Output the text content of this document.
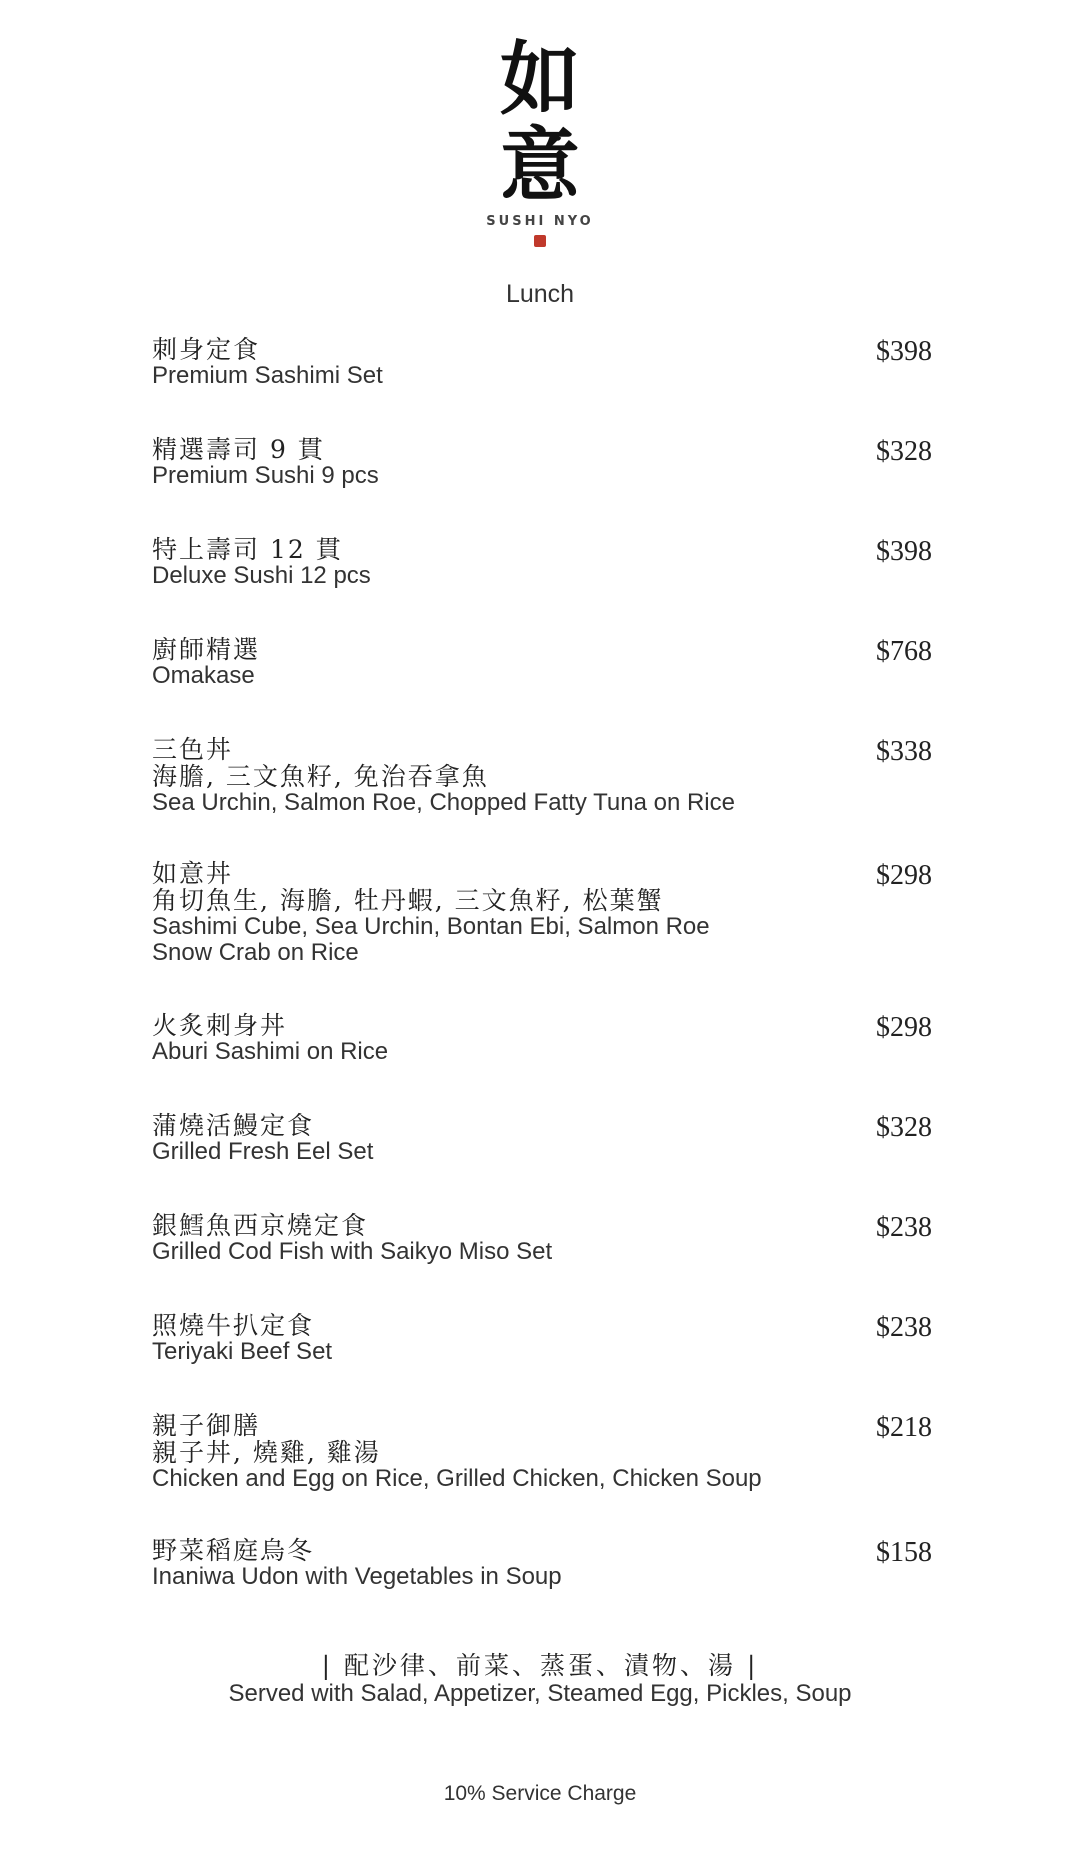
如
意
SUSHI NYO
Lunch
刺身定食
Premium Sashimi Set
$398
精選壽司 9 貫
Premium Sushi 9 pcs
$328
特上壽司 12 貫
Deluxe Sushi 12 pcs
$398
廚師精選
Omakase
$768
三色丼
海膽, 三文魚籽, 免治吞拿魚
Sea Urchin, Salmon Roe, Chopped Fatty Tuna on Rice
$338
如意丼
角切魚生, 海膽, 牡丹蝦, 三文魚籽, 松葉蟹
Sashimi Cube, Sea Urchin, Bontan Ebi, Salmon Roe
Snow Crab on Rice
$298
火炙刺身丼
Aburi Sashimi on Rice
$298
蒲燒活鰻定食
Grilled Fresh Eel Set
$328
銀鱈魚西京燒定食
Grilled Cod Fish with Saikyo Miso Set
$238
照燒牛扒定食
Teriyaki Beef Set
$238
親子御膳
親子丼, 燒雞, 雞湯
Chicken and Egg on Rice, Grilled Chicken, Chicken Soup
$218
野菜稻庭烏冬
Inaniwa Udon with Vegetables in Soup
$158
| 配沙律、前菜、蒸蛋、漬物、湯 |
Served with Salad, Appetizer, Steamed Egg, Pickles, Soup
10% Service Charge
